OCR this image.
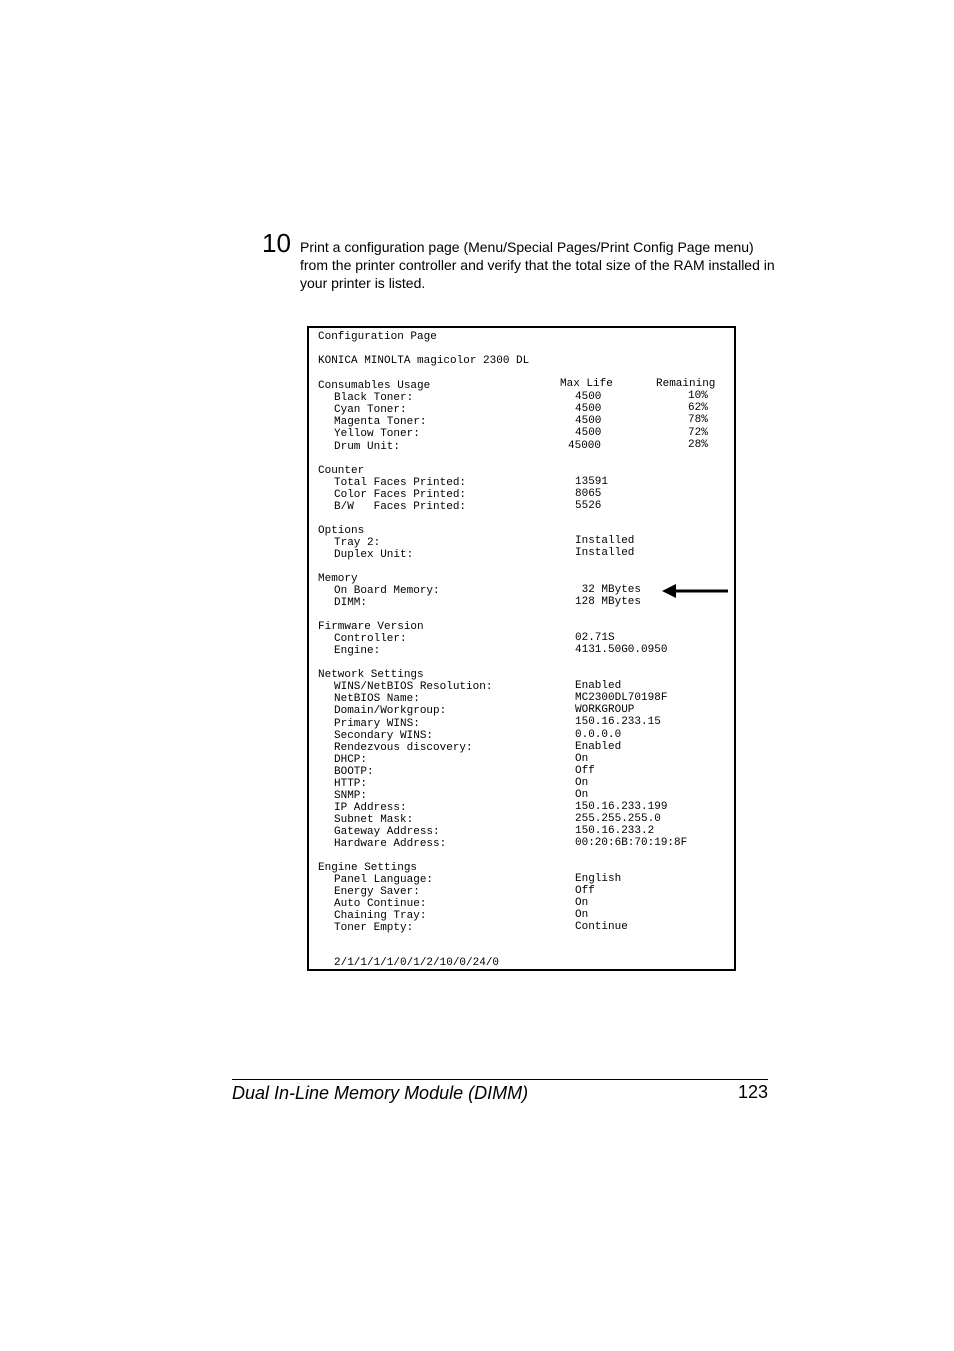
10 Print a configuration page (Menu/Special Pages/Print Config Page menu) from the printer controller and verify that the total size of the RAM installed in your printer is listed.
Configuration Page
KONICA MINOLTA magicolor 2300 DL
Consumables Usage	Max Life	Remaining
Black Toner:	4500	10%
Cyan Toner:	4500	62%
Magenta Toner:	4500	78%
Yellow Toner:	4500	72%
Drum Unit:	45000	28%
Counter
Total Faces Printed:	13591
Color Faces Printed:	8065
B/W   Faces Printed:	5526
Options
Tray 2:	Installed
Duplex Unit:	Installed
Memory
On Board Memory:	32 MBytes
DIMM:	128 MBytes
Firmware Version
Controller:	02.71S
Engine:	4131.50G0.0950
Network Settings
WINS/NetBIOS Resolution:	Enabled
NetBIOS Name:	MC2300DL70198F
Domain/Workgroup:	WORKGROUP
Primary WINS:	150.16.233.15
Secondary WINS:	0.0.0.0
Rendezvous discovery:	Enabled
DHCP:	On
BOOTP:	Off
HTTP:	On
SNMP:	On
IP Address:	150.16.233.199
Subnet Mask:	255.255.255.0
Gateway Address:	150.16.233.2
Hardware Address:	00:20:6B:70:19:8F
Engine Settings
Panel Language:	English
Energy Saver:	Off
Auto Continue:	On
Chaining Tray:	On
Toner Empty:	Continue
2/1/1/1/1/0/1/2/10/0/24/0
Dual In-Line Memory Module (DIMM)	123
